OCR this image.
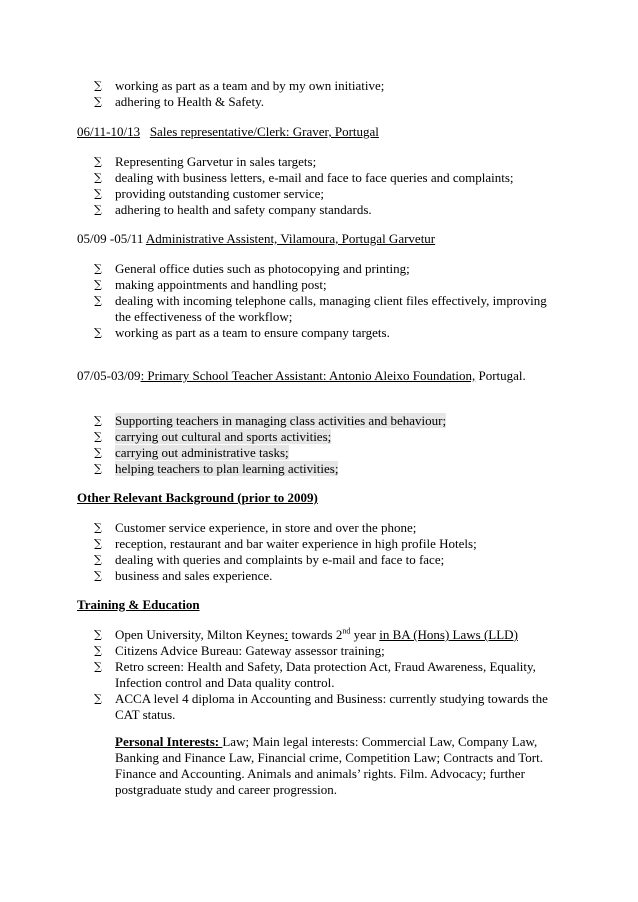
∑ working as part as a team and by my own initiative;
∑ adhering to Health & Safety.
06/11-10/13 Sales representative/Clerk: Graver, Portugal
∑ Representing Garvetur in sales targets;
∑ dealing with business letters, e-mail and face to face queries and complaints;
∑ providing outstanding customer service;
∑ adhering to health and safety company standards.
05/09 -05/11 Administrative Assistent, Vilamoura, Portugal Garvetur
∑ General office duties such as photocopying and printing;
∑ making appointments and handling post;
∑ dealing with incoming telephone calls, managing client files effectively, improving the effectiveness of the workflow;
∑ working as part as a team to ensure company targets.
07/05-03/09: Primary School Teacher Assistant: Antonio Aleixo Foundation, Portugal.
∑ Supporting teachers in managing class activities and behaviour;
∑ carrying out cultural and sports activities;
∑ carrying out administrative tasks;
∑ helping teachers to plan learning activities;
Other Relevant Background (prior to 2009)
∑ Customer service experience, in store and over the phone;
∑ reception, restaurant and bar waiter experience in high profile Hotels;
∑ dealing with queries and complaints by e-mail and face to face;
∑ business and sales experience.
Training & Education
∑ Open University, Milton Keynes: towards 2nd year in BA (Hons) Laws (LLD)
∑ Citizens Advice Bureau: Gateway assessor training;
∑ Retro screen: Health and Safety, Data protection Act, Fraud Awareness, Equality, Infection control and Data quality control.
∑ ACCA level 4 diploma in Accounting and Business: currently studying towards the CAT status.
Personal Interests: Law; Main legal interests: Commercial Law, Company Law, Banking and Finance Law, Financial crime, Competition Law; Contracts and Tort. Finance and Accounting. Animals and animals’ rights. Film. Advocacy; further postgraduate study and career progression.
